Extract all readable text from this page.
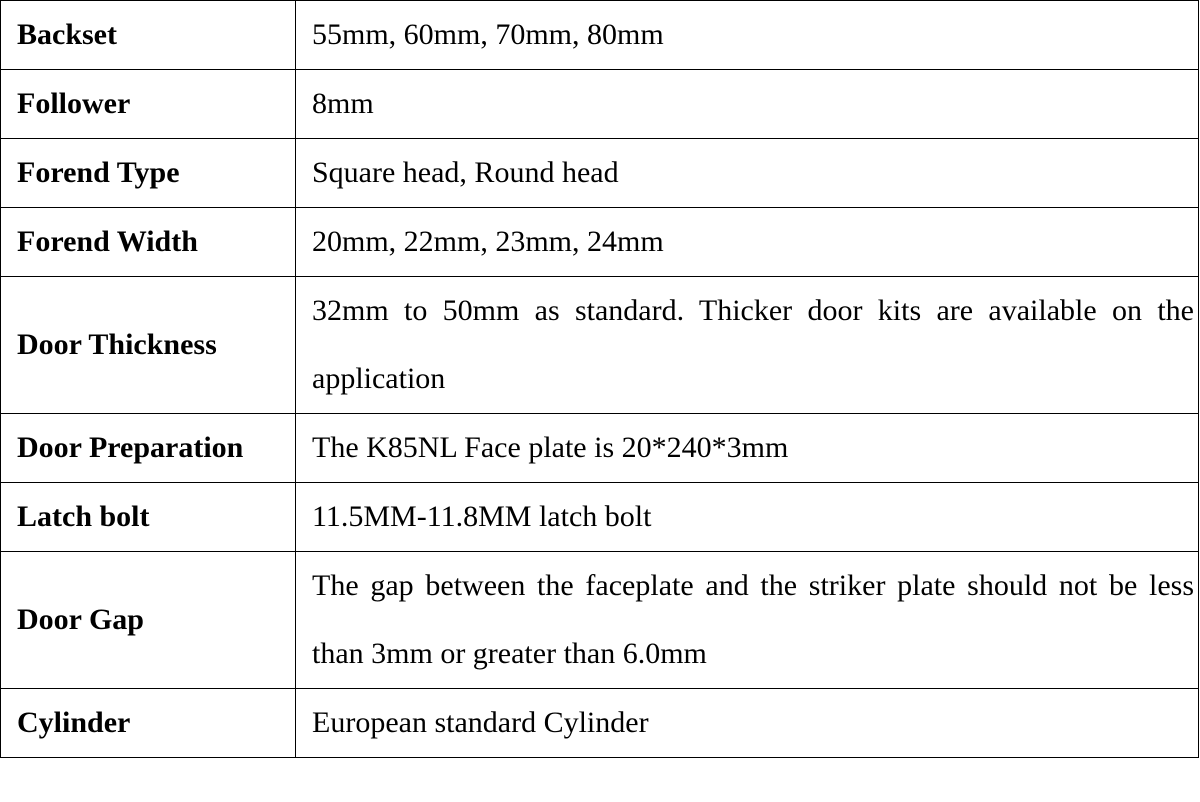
Backset	55mm, 60mm, 70mm, 80mm
Follower	8mm
Forend Type	Square head, Round head
Forend Width	20mm, 22mm, 23mm, 24mm
Door Thickness	32mm to 50mm as standard. Thicker door kits are available on the application
Door Preparation	The K85NL Face plate is 20*240*3mm
Latch bolt	11.5MM-11.8MM latch bolt
Door Gap	The gap between the faceplate and the striker plate should not be less than 3mm or greater than 6.0mm
Cylinder	European standard Cylinder
